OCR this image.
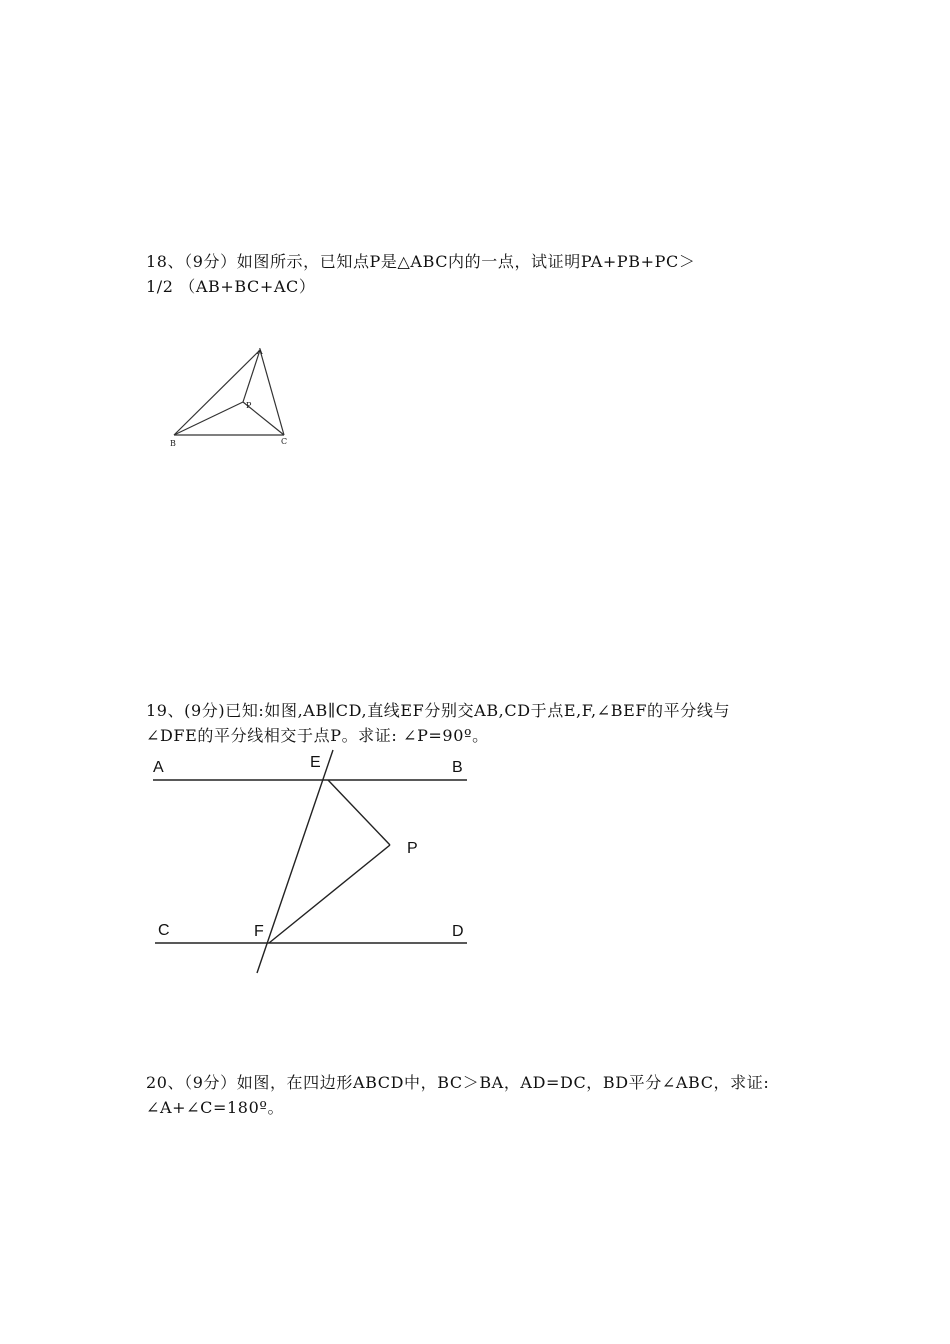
18、（9分）如图所示，已知点P是△ABC内的一点，试证明PA+PB+PC＞
1/2 （AB+BC+AC）
A
P
B	C
19、(9分)已知:如图,AB∥CD,直线EF分别交AB,CD于点E,F,∠BEF的平分线与
∠DFE的平分线相交于点P。求证: ∠P=90º。
A	E	B
P
C	F	D
20、（9分）如图，在四边形ABCD中，BC＞BA，AD=DC，BD平分∠ABC，求证:
∠A+∠C=180º。
